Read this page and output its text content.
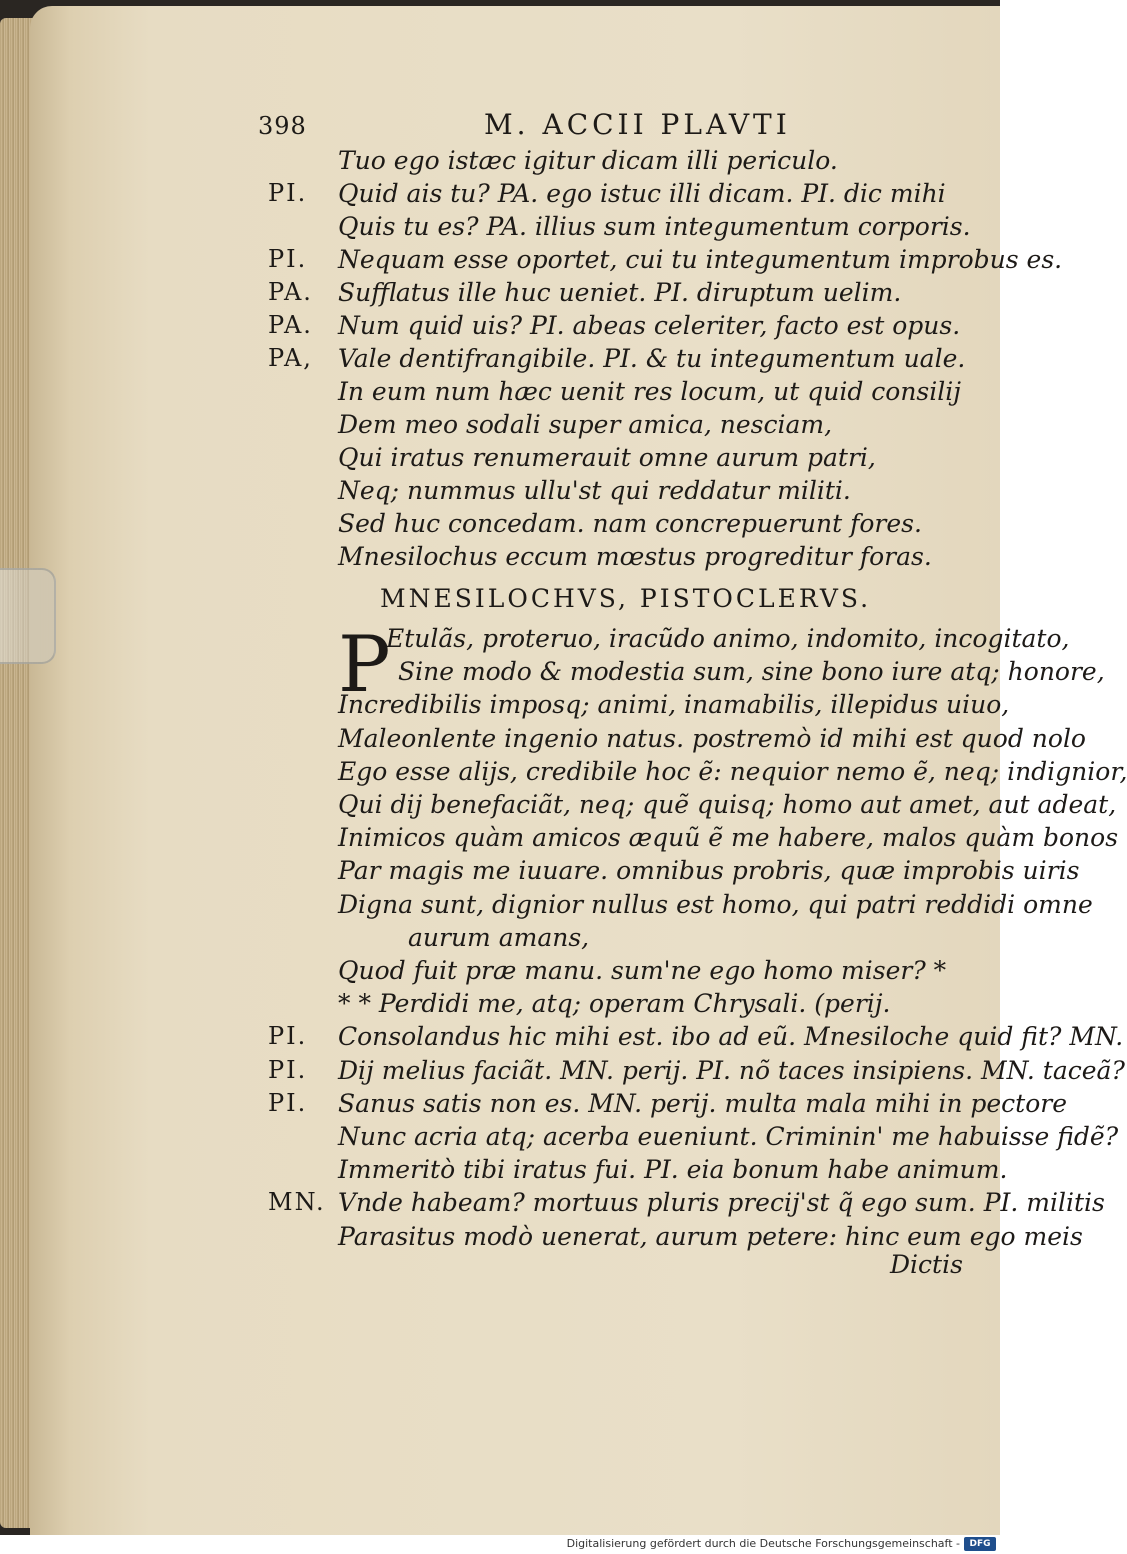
398	M. ACCII PLAVTI
Tuo ego istæc igitur dicam illi periculo.
PI. Quid ais tu? PA. ego istuc illi dicam. PI. dic mihi
Quis tu es? PA. illius sum integumentum corporis.
PI. Nequam esse oportet, cui tu integumentum improbus es.
PA. Sufflatus ille huc ueniet. PI. diruptum uelim.
PA. Num quid uis? PI. abeas celeriter, facto est opus.
PA, Vale dentifrangibile. PI. & tu integumentum uale.
In eum num hæc uenit res locum, ut quid consilij
Dem meo sodali super amica, nesciam,
Qui iratus renumerauit omne aurum patri,
Neq; nummus ullu'st qui reddatur militi.
Sed huc concedam. nam concrepuerunt fores.
Mnesilochus eccum mœstus progreditur foras.
MNESILOCHVS, PISTOCLERVS.
P
Etulãs, proteruo, iracũdo animo, indomito, incogitato,
Sine modo & modestia sum, sine bono iure atq; honore,
Incredibilis imposq; animi, inamabilis, illepidus uiuo,
Maleonlente ingenio natus. postremò id mihi est quod nolo
Ego esse alijs, credibile hoc ẽ: nequior nemo ẽ, neq; indignior,
Qui dij benefaciãt, neq; quẽ quisq; homo aut amet, aut adeat,
Inimicos quàm amicos æquũ ẽ me habere, malos quàm bonos
Par magis me iuuare. omnibus probris, quæ improbis uiris
Digna sunt, dignior nullus est homo, qui patri reddidi omne
aurum amans,
Quod fuit præ manu. sum'ne ego homo miser? *
* * Perdidi me, atq; operam Chrysali. (perij.
PI. Consolandus hic mihi est. ibo ad eũ. Mnesiloche quid fit? MN.
PI. Dij melius faciãt. MN. perij. PI. nõ taces insipiens. MN. taceã?
PI. Sanus satis non es. MN. perij. multa mala mihi in pectore
Nunc acria atq; acerba eueniunt. Criminin' me habuisse fidẽ?
Immeritò tibi iratus fui. PI. eia bonum habe animum.
MN. Vnde habeam? mortuus pluris precij'st q̃ ego sum. PI. militis
Parasitus modò uenerat, aurum petere: hinc eum ego meis
Dictis
Digitalisierung gefördert durch die Deutsche Forschungsgemeinschaft -	DFG
